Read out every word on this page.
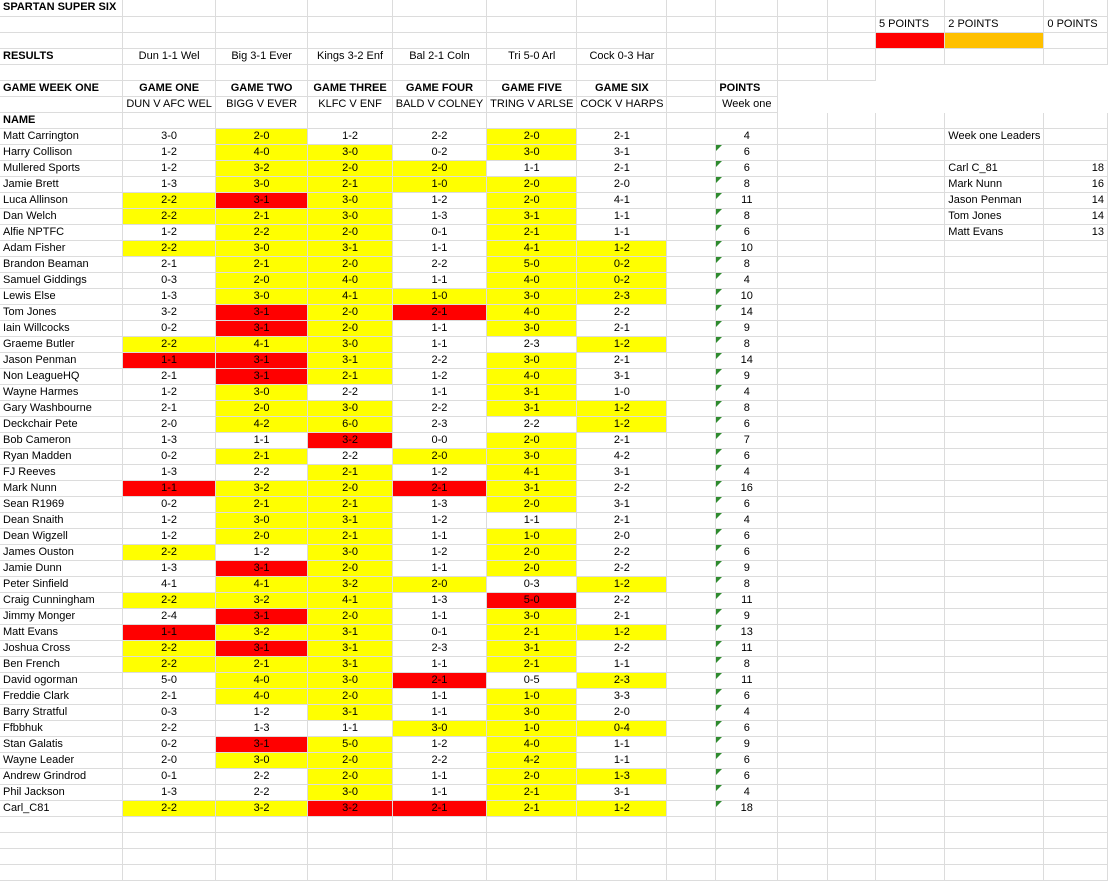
SPARTAN SUPER SIX													
											5 POINTS	2 POINTS	0 POINTS

RESULTS	Dun 1-1 Wel	Big 3-1 Ever	Kings 3-2 Enf	Bal 2-1 Coln	Tri 5-0 Arl	Cock 0-3 Har							

GAME WEEK ONE	GAME ONE	GAME TWO	GAME THREE	GAME FOUR	GAME FIVE	GAME SIX		POINTS					
	DUN V AFC WEL	BIGG V EVER	KLFC V ENF	BALD V COLNEY	TRING V ARLSE	COCK V HARPS		Week one					
NAME													
Matt Carrington	3-0	2-0	1-2	2-2	2-0	2-1		4				Week one Leaders	
Harry Collison	1-2	4-0	3-0	0-2	3-0	3-1		6					
Mullered Sports	1-2	3-2	2-0	2-0	1-1	2-1		6				Carl C_81	18
Jamie Brett	1-3	3-0	2-1	1-0	2-0	2-0		8				Mark Nunn	16
Luca Allinson	2-2	3-1	3-0	1-2	2-0	4-1		11				Jason Penman	14
Dan Welch	2-2	2-1	3-0	1-3	3-1	1-1		8				Tom Jones	14
Alfie NPTFC	1-2	2-2	2-0	0-1	2-1	1-1		6				Matt Evans	13
Adam Fisher	2-2	3-0	3-1	1-1	4-1	1-2		10					
Brandon Beaman	2-1	2-1	2-0	2-2	5-0	0-2		8					
Samuel Giddings	0-3	2-0	4-0	1-1	4-0	0-2		4					
Lewis Else	1-3	3-0	4-1	1-0	3-0	2-3		10					
Tom Jones	3-2	3-1	2-0	2-1	4-0	2-2		14					
Iain Willcocks	0-2	3-1	2-0	1-1	3-0	2-1		9					
Graeme Butler	2-2	4-1	3-0	1-1	2-3	1-2		8					
Jason Penman	1-1	3-1	3-1	2-2	3-0	2-1		14					
Non LeagueHQ	2-1	3-1	2-1	1-2	4-0	3-1		9					
Wayne Harmes	1-2	3-0	2-2	1-1	3-1	1-0		4					
Gary Washbourne	2-1	2-0	3-0	2-2	3-1	1-2		8					
Deckchair Pete	2-0	4-2	6-0	2-3	2-2	1-2		6					
Bob Cameron	1-3	1-1	3-2	0-0	2-0	2-1		7					
Ryan Madden	0-2	2-1	2-2	2-0	3-0	4-2		6					
FJ Reeves	1-3	2-2	2-1	1-2	4-1	3-1		4					
Mark Nunn	1-1	3-2	2-0	2-1	3-1	2-2		16					
Sean R1969	0-2	2-1	2-1	1-3	2-0	3-1		6					
Dean Snaith	1-2	3-0	3-1	1-2	1-1	2-1		4					
Dean Wigzell	1-2	2-0	2-1	1-1	1-0	2-0		6					
James Ouston	2-2	1-2	3-0	1-2	2-0	2-2		6					
Jamie Dunn	1-3	3-1	2-0	1-1	2-0	2-2		9					
Peter Sinfield	4-1	4-1	3-2	2-0	0-3	1-2		8					
Craig Cunningham	2-2	3-2	4-1	1-3	5-0	2-2		11					
Jimmy Monger	2-4	3-1	2-0	1-1	3-0	2-1		9					
Matt Evans	1-1	3-2	3-1	0-1	2-1	1-2		13					
Joshua Cross	2-2	3-1	3-1	2-3	3-1	2-2		11					
Ben French	2-2	2-1	3-1	1-1	2-1	1-1		8					
David ogorman	5-0	4-0	3-0	2-1	0-5	2-3		11					
Freddie Clark	2-1	4-0	2-0	1-1	1-0	3-3		6					
Barry Stratful	0-3	1-2	3-1	1-1	3-0	2-0		4					
Ffbbhuk	2-2	1-3	1-1	3-0	1-0	0-4		6					
Stan Galatis	0-2	3-1	5-0	1-2	4-0	1-1		9					
Wayne Leader	2-0	3-0	2-0	2-2	4-2	1-1		6					
Andrew Grindrod	0-1	2-2	2-0	1-1	2-0	1-3		6					
Phil Jackson	1-3	2-2	3-0	1-1	2-1	3-1		4					
Carl_C81	2-2	3-2	3-2	2-1	2-1	1-2		18					
